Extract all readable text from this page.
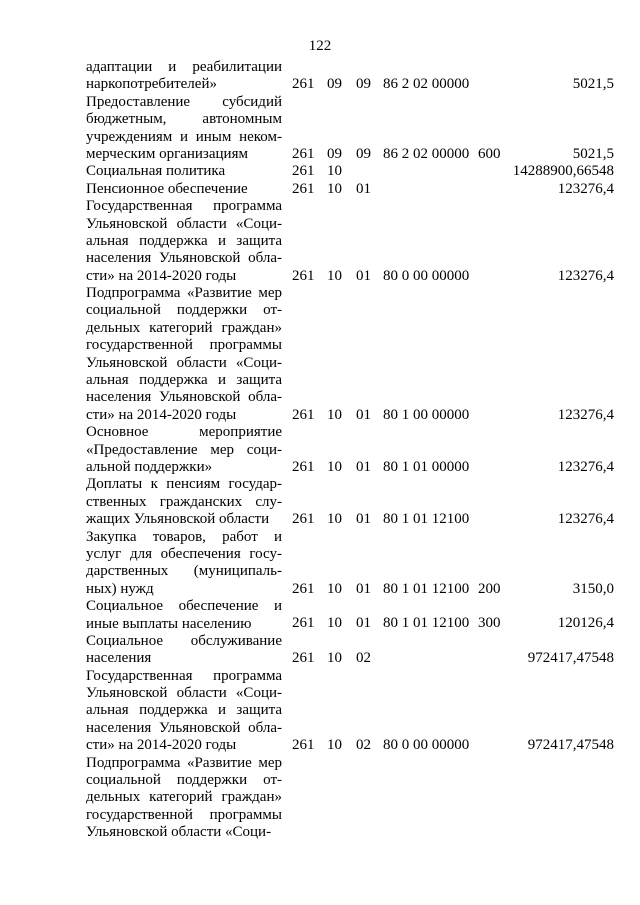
122
адаптации и реабилитации
наркопотребителей»	261 09 09 86 2 02 00000	5021,5
Предоставление субсидий
бюджетным, автономным
учреждениям и иным неком-
мерческим организациям	261 09 09 86 2 02 00000 600	5021,5
Социальная политика	261 10	14288900,66548
Пенсионное обеспечение	261 10 01	123276,4
Государственная программа
Ульяновской области «Соци-
альная поддержка и защита
населения Ульяновской обла-
сти» на 2014-2020 годы	261 10 01 80 0 00 00000	123276,4
Подпрограмма «Развитие мер
социальной поддержки от-
дельных категорий граждан»
государственной программы
Ульяновской области «Соци-
альная поддержка и защита
населения Ульяновской обла-
сти» на 2014-2020 годы	261 10 01 80 1 00 00000	123276,4
Основное мероприятие
«Предоставление мер соци-
альной поддержки»	261 10 01 80 1 01 00000	123276,4
Доплаты к пенсиям государ-
ственных гражданских слу-
жащих Ульяновской области	261 10 01 80 1 01 12100	123276,4
Закупка товаров, работ и
услуг для обеспечения госу-
дарственных (муниципаль-
ных) нужд	261 10 01 80 1 01 12100 200	3150,0
Социальное обеспечение и
иные выплаты населению	261 10 01 80 1 01 12100 300	120126,4
Социальное обслуживание
населения	261 10 02	972417,47548
Государственная программа
Ульяновской области «Соци-
альная поддержка и защита
населения Ульяновской обла-
сти» на 2014-2020 годы	261 10 02 80 0 00 00000	972417,47548
Подпрограмма «Развитие мер
социальной поддержки от-
дельных категорий граждан»
государственной программы
Ульяновской области «Соци-
